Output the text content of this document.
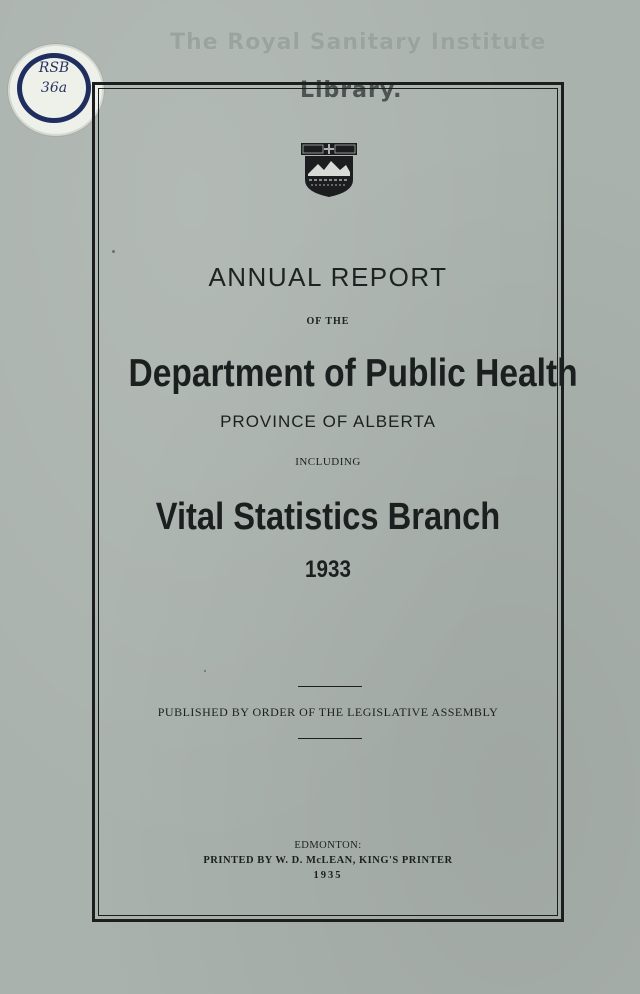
The Royal Sanitary Institute
Library.
RSB
36a
ANNUAL REPORT
OF THE
Department of Public Health
PROVINCE OF ALBERTA
INCLUDING
Vital Statistics Branch
1933
PUBLISHED BY ORDER OF THE LEGISLATIVE ASSEMBLY
EDMONTON:
PRINTED BY W. D. McLEAN, KING'S PRINTER
1935
